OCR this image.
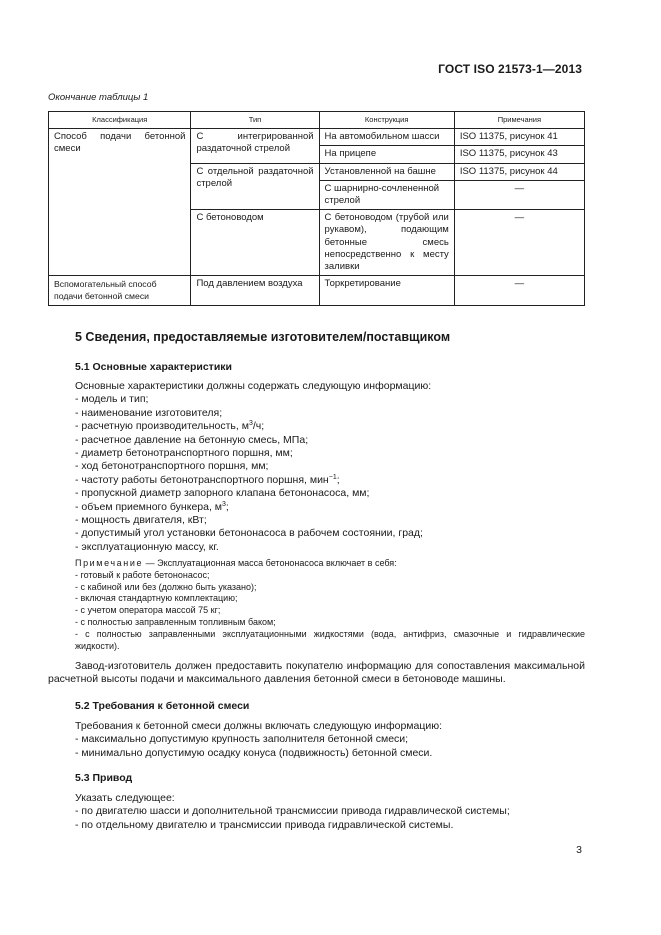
ГОСТ ISO 21573-1—2013
Окончание таблицы 1
Классификация	Тип	Конструкция	Примечания
Способ подачи бетонной смеси	С интегрированной раздаточной стрелой	На автомобильном шасси	ISO 11375, рисунок 41
		На прицепе	ISO 11375, рисунок 43
	С отдельной раздаточной стрелой	Установленной на башне	ISO 11375, рисунок 44
		С шарнирно-сочлененной стрелой	—
	С бетоноводом	С бетоноводом (трубой или рукавом), подающим бетонные смесь непосредственно к месту заливки	—
Вспомогательный способ подачи бетонной смеси	Под давлением воздуха	Торкретирование	—
5 Сведения, предоставляемые изготовителем/поставщиком
5.1 Основные характеристики

Основные характеристики должны содержать следующую информацию:

- модель и тип;

- наименование изготовителя;

- расчетную производительность, $м^3/ч$;

- расчетное давление на бетонную смесь, МПа;

- диаметр бетонотранспортного поршня, мм;

- ход бетонотранспортного поршня, мм;

- частоту работы бетонотранспортного поршня, мин$^{-1}$;

- пропускной диаметр запорного клапана бетононасоса, мм;

- объем приемного бункера, $м^3$;

- мощность двигателя, кВт;

- допустимый угол установки бетононасоса в рабочем состоянии, град;

- эксплуатационную массу, кг.

Примечание — Эксплуатационная масса бетононасоса включает в себя:

- готовый к работе бетононасос;

- с кабиной или без (должно быть указано);

- включая стандартную комплектацию;

- с учетом оператора массой 75 кг;

- с полностью заправленным топливным баком;

- с полностью заправленными эксплуатационными жидкостями (вода, антифриз, смазочные и гидравлические жидкости).

Завод-изготовитель должен предоставить покупателю информацию для сопоставления максимальной расчетной высоты подачи и максимального давления бетонной смеси в бетоноводе машины.

5.2 Требования к бетонной смеси

Требования к бетонной смеси должны включать следующую информацию:

- максимально допустимую крупность заполнителя бетонной смеси;

- минимально допустимую осадку конуса (подвижность) бетонной смеси.

5.3 Привод

Указать следующее:

- по двигателю шасси и дополнительной трансмиссии привода гидравлической системы;

- по отдельному двигателю и трансмиссии привода гидравлической системы.

3
